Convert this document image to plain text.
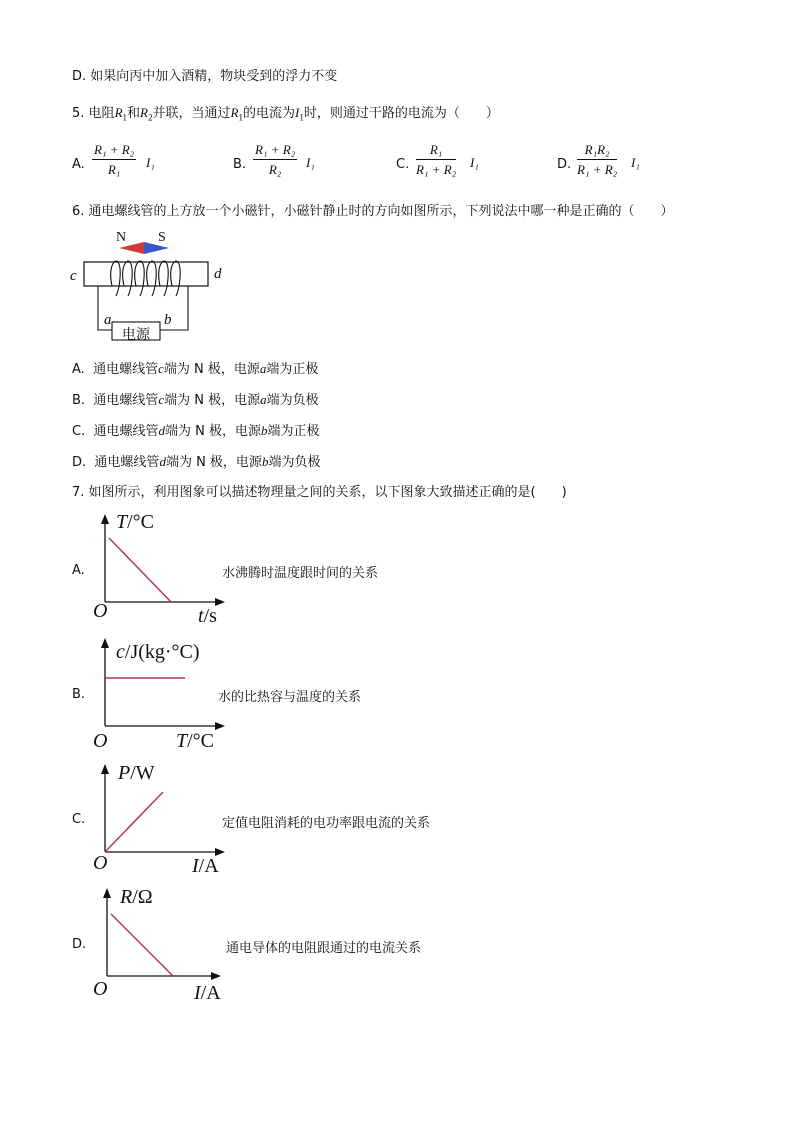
D. 如果向丙中加入酒精，物块受到的浮力不变
5. 电阻$R_1$和$R_2$并联，当通过$R_1$的电流为$I_1$时，则通过干路的电流为（　　）
A. $\frac{\text{R₁ + R₂}}{\text{R₁}} I_1$	B. $\frac{\text{R₁ + R₂}}{\text{R₂}} I_1$	C. $\frac{\text{R₁}}{\text{R₁ + R₂}} I_1$	D. $\frac{\text{R₁R₂}}{\text{R₁ + R₂}} I_1$
6. 通电螺线管的上方放一个小磁针，小磁针静止时的方向如图所示，下列说法中哪一种是正确的（　　）
N S
c	d
a	b
电源
A. 通电螺线管c端为 N 极，电源a端为正极
B. 通电螺线管c端为 N 极，电源a端为负极
C. 通电螺线管d端为 N 极，电源b端为正极
D. 通电螺线管d端为 N 极，电源b端为负极
7. 如图所示，利用图象可以描述物理量之间的关系，以下图象大致描述正确的是(　　)
A.
T/°C
t/s
O
水沸腾时温度跟时间的关系
B.
c/J(kg·°C)
T/°C
O
水的比热容与温度的关系
C.
P/W
I/A
O
定值电阻消耗的电功率跟电流的关系
D.
R/Ω
I/A
O
通电导体的电阻跟通过的电流关系
